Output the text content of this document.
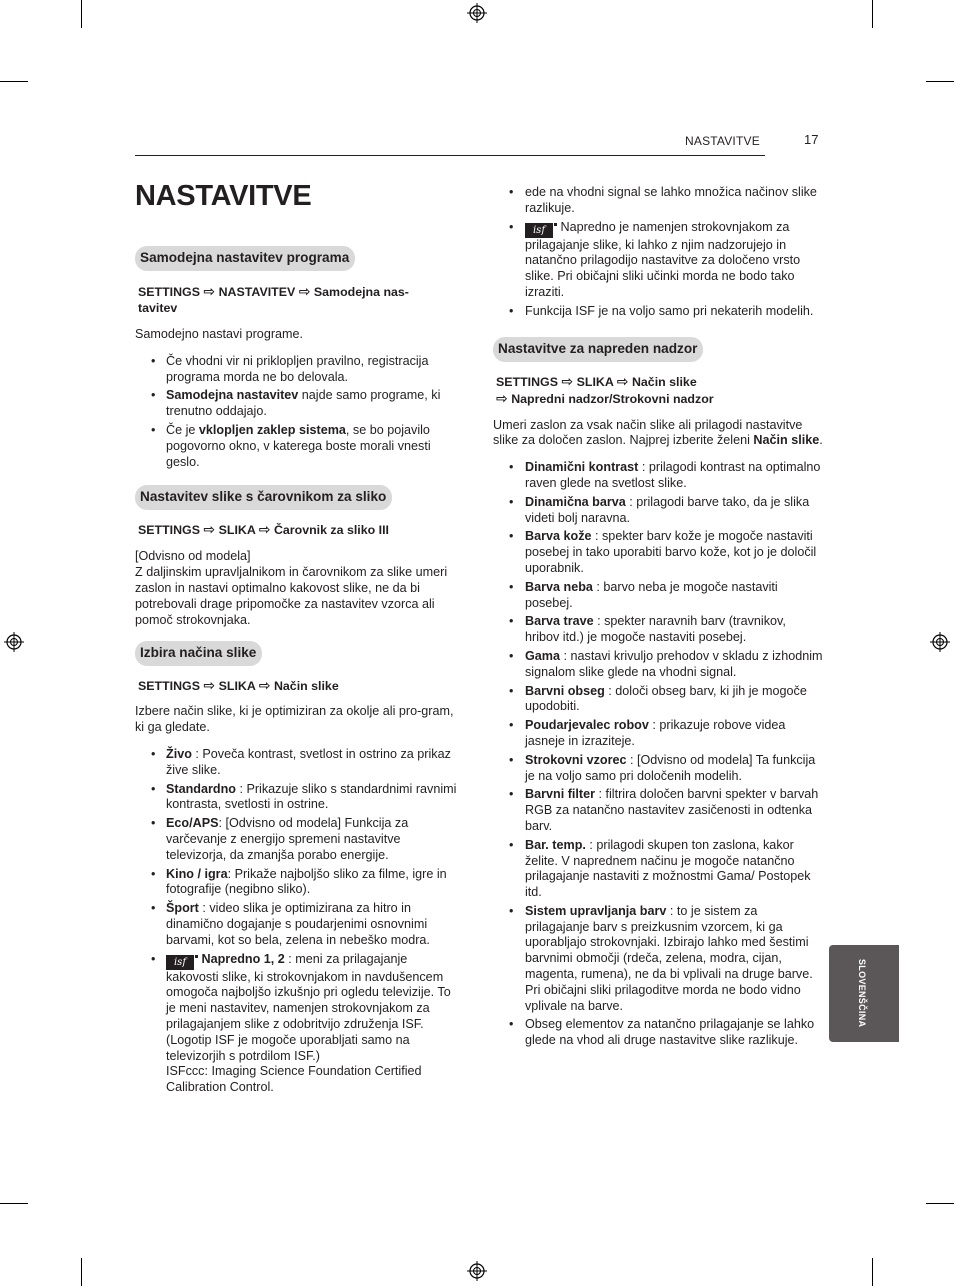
NASTAVITVE	17
NASTAVITVE
Samodejna nastavitev programa

SETTINGS ⇨ NASTAVITEV ⇨ Samodejna nas-
tavitev

Samodejno nastavi programe.

• Če vhodni vir ni priklopljen pravilno, registracija programa morda ne bo delovala.
• Samodejna nastavitev najde samo programe, ki trenutno oddajajo.
• Če je vklopljen zaklep sistema, se bo pojavilo pogovorno okno, v katerega boste morali vnesti geslo.
Nastavitev slike s čarovnikom za sliko

SETTINGS ⇨ SLIKA ⇨ Čarovnik za sliko III

[Odvisno od modela]

Z daljinskim upravljalnikom in čarovnikom za slike umeri zaslon in nastavi optimalno kakovost slike, ne da bi potrebovali drage pripomočke za nastavitev vzorca ali pomoč strokovnjaka.

Izbira načina slike

SETTINGS ⇨ SLIKA ⇨ Način slike

Izbere način slike, ki je optimiziran za okolje ali pro-gram, ki ga gledate.

• Živo : Poveča kontrast, svetlost in ostrino za prikaz žive slike.
• Standardno : Prikazuje sliko s standardnimi ravnimi kontrasta, svetlosti in ostrine.
• Eco/APS: [Odvisno od modela] Funkcija za varčevanje z energijo spremeni nastavitve televizorja, da zmanjša porabo energije.
• Kino / igra: Prikaže najboljšo sliko za filme, igre in fotografije (negibno sliko).
• Šport : video slika je optimizirana za hitro in dinamično dogajanje s poudarjenimi osnovnimi barvami, kot so bela, zelena in nebeško modra.
• isf Napredno 1, 2 : meni za prilagajanje kakovosti slike, ki strokovnjakom in navdušencem omogoča najboljšo izkušnjo pri ogledu televizije. To je meni nastavitev, namenjen strokovnjakom za prilagajanjem slike z odobritvijo združenja ISF. (Logotip ISF je mogoče uporabljati samo na televizorjih s potrdilom ISF.)
ISFccc: Imaging Science Foundation Certified Calibration Control.
• ede na vhodni signal se lahko množica načinov slike razlikuje.
• isf Napredno je namenjen strokovnjakom za prilagajanje slike, ki lahko z njim nadzorujejo in natančno prilagodijo nastavitve za določeno vrsto slike. Pri običajni sliki učinki morda ne bodo tako izraziti.
• Funkcija ISF je na voljo samo pri nekaterih modelih.
Nastavitve za napreden nadzor

SETTINGS ⇨ SLIKA ⇨ Način slike
⇨ Napredni nadzor/Strokovni nadzor

Umeri zaslon za vsak način slike ali prilagodi nastavitve slike za določen zaslon. Najprej izberite želeni Način slike.

• Dinamični kontrast : prilagodi kontrast na optimalno raven glede na svetlost slike.
• Dinamična barva : prilagodi barve tako, da je slika videti bolj naravna.
• Barva kože : spekter barv kože je mogoče nastaviti posebej in tako uporabiti barvo kože, kot jo je določil uporabnik.
• Barva neba : barvo neba je mogoče nastaviti posebej.
• Barva trave : spekter naravnih barv (travnikov, hribov itd.) je mogoče nastaviti posebej.
• Gama : nastavi krivuljo prehodov v skladu z izhodnim signalom slike glede na vhodni signal.
• Barvni obseg : določi obseg barv, ki jih je mogoče upodobiti.
• Poudarjevalec robov : prikazuje robove videa jasneje in izraziteje.
• Strokovni vzorec : [Odvisno od modela] Ta funkcija je na voljo samo pri določenih modelih.
• Barvni filter : filtrira določen barvni spekter v barvah RGB za natančno nastavitev zasičenosti in odtenka barv.
• Bar. temp. : prilagodi skupen ton zaslona, kakor želite. V naprednem načinu je mogoče natančno prilagajanje nastaviti z možnostmi Gama/ Postopek itd.
• Sistem upravljanja barv : to je sistem za prilagajanje barv s preizkusnim vzorcem, ki ga uporabljajo strokovnjaki. Izbirajo lahko med šestimi barvnimi območji (rdeča, zelena, modra, cijan, magenta, rumena), ne da bi vplivali na druge barve. Pri običajni sliki prilagoditve morda ne bodo vidno vplivale na barve.
• Obseg elementov za natančno prilagajanje se lahko glede na vhod ali druge nastavitve slike razlikuje.
SLOVENŠČINA
